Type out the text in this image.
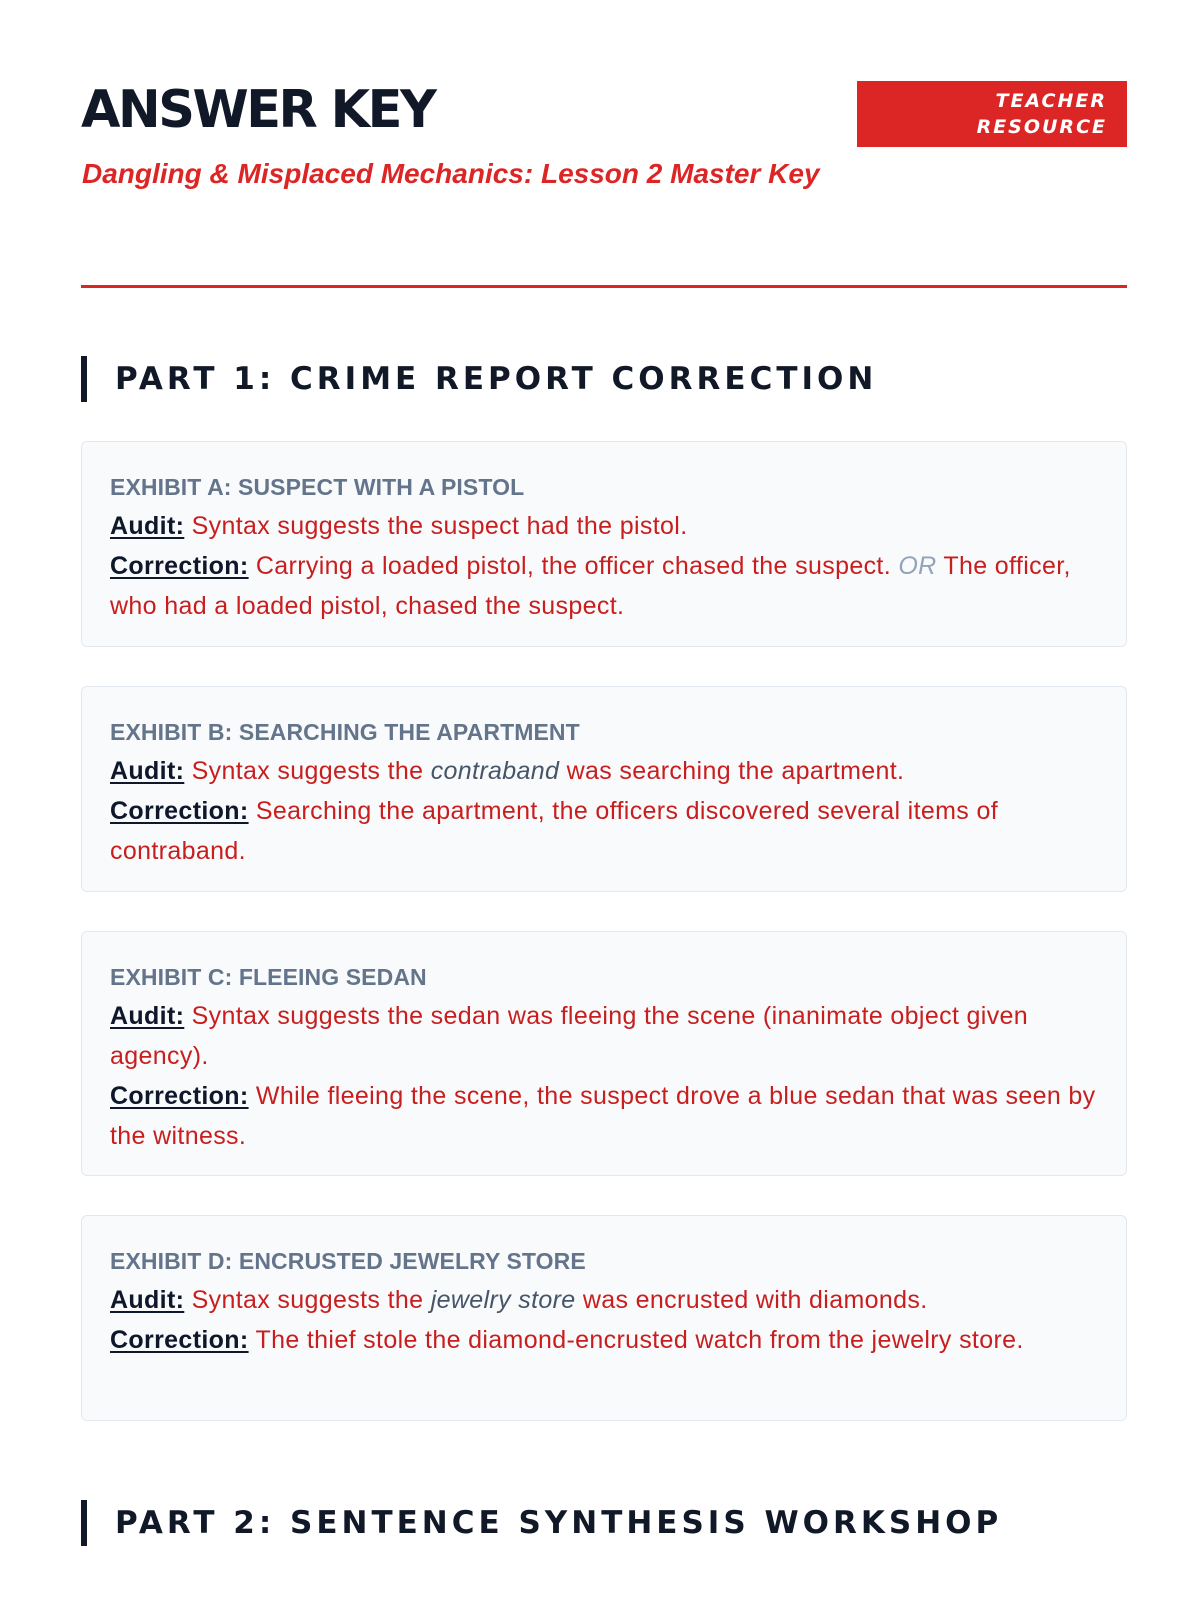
ANSWER KEY

Dangling & Misplaced Mechanics: Lesson 2 Master Key

TEACHER
RESOURCE
PART 1: CRIME REPORT CORRECTION

EXHIBIT A: SUSPECT WITH A PISTOL

Audit: Syntax suggests the suspect had the pistol.

Correction: Carrying a loaded pistol, the officer chased the suspect. OR The officer, who had a loaded pistol, chased the suspect.

EXHIBIT B: SEARCHING THE APARTMENT

Audit: Syntax suggests the contraband was searching the apartment.

Correction: Searching the apartment, the officers discovered several items of contraband.

EXHIBIT C: FLEEING SEDAN

Audit: Syntax suggests the sedan was fleeing the scene (inanimate object given agency).

Correction: While fleeing the scene, the suspect drove a blue sedan that was seen by the witness.

EXHIBIT D: ENCRUSTED JEWELRY STORE

Audit: Syntax suggests the jewelry store was encrusted with diamonds.

Correction: The thief stole the diamond-encrusted watch from the jewelry store.

PART 2: SENTENCE SYNTHESIS WORKSHOP
